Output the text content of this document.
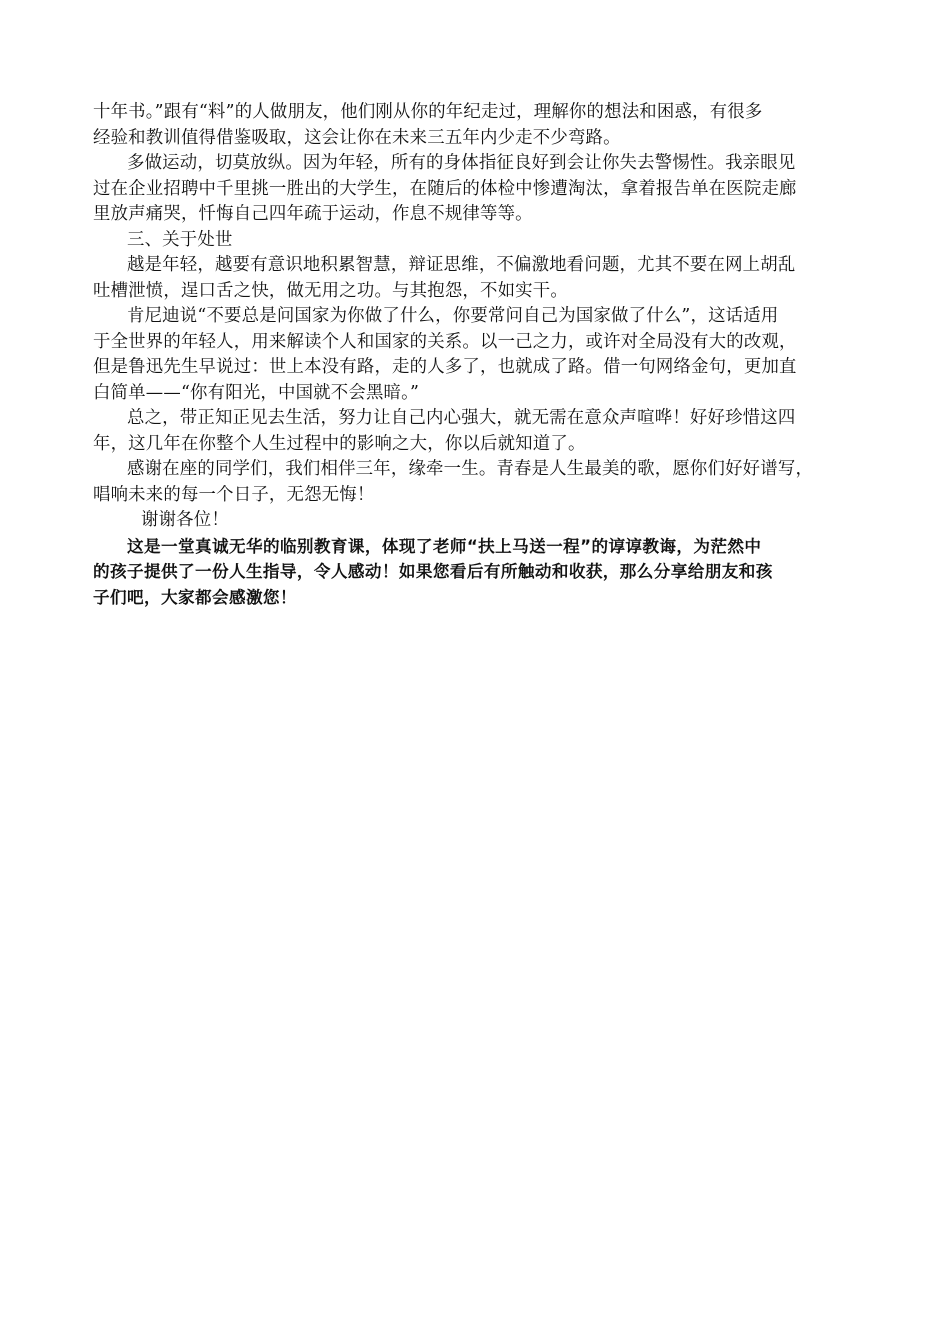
十年书。”跟有“料”的人做朋友，他们刚从你的年纪走过，理解你的想法和困惑，有很多
经验和教训值得借鉴吸取，这会让你在未来三五年内少走不少弯路。
多做运动，切莫放纵。因为年轻，所有的身体指征良好到会让你失去警惕性。我亲眼见
过在企业招聘中千里挑一胜出的大学生，在随后的体检中惨遭淘汰，拿着报告单在医院走廊
里放声痛哭，忏悔自己四年疏于运动，作息不规律等等。
三、关于处世
越是年轻，越要有意识地积累智慧，辩证思维，不偏激地看问题，尤其不要在网上胡乱
吐槽泄愤，逞口舌之快，做无用之功。与其抱怨，不如实干。
肯尼迪说“不要总是问国家为你做了什么，你要常问自己为国家做了什么”，这话适用
于全世界的年轻人，用来解读个人和国家的关系。以一己之力，或许对全局没有大的改观，
但是鲁迅先生早说过：世上本没有路，走的人多了，也就成了路。借一句网络金句，更加直
白简单——“你有阳光，中国就不会黑暗。”
总之，带正知正见去生活，努力让自己内心强大，就无需在意众声喧哗！好好珍惜这四
年，这几年在你整个人生过程中的影响之大，你以后就知道了。
感谢在座的同学们，我们相伴三年，缘牵一生。青春是人生最美的歌，愿你们好好谱写，
唱响未来的每一个日子，无怨无悔！
谢谢各位！
这是一堂真诚无华的临别教育课，体现了老师“扶上马送一程”的谆谆教诲，为茫然中
的孩子提供了一份人生指导，令人感动！如果您看后有所触动和收获，那么分享给朋友和孩
子们吧，大家都会感激您！
